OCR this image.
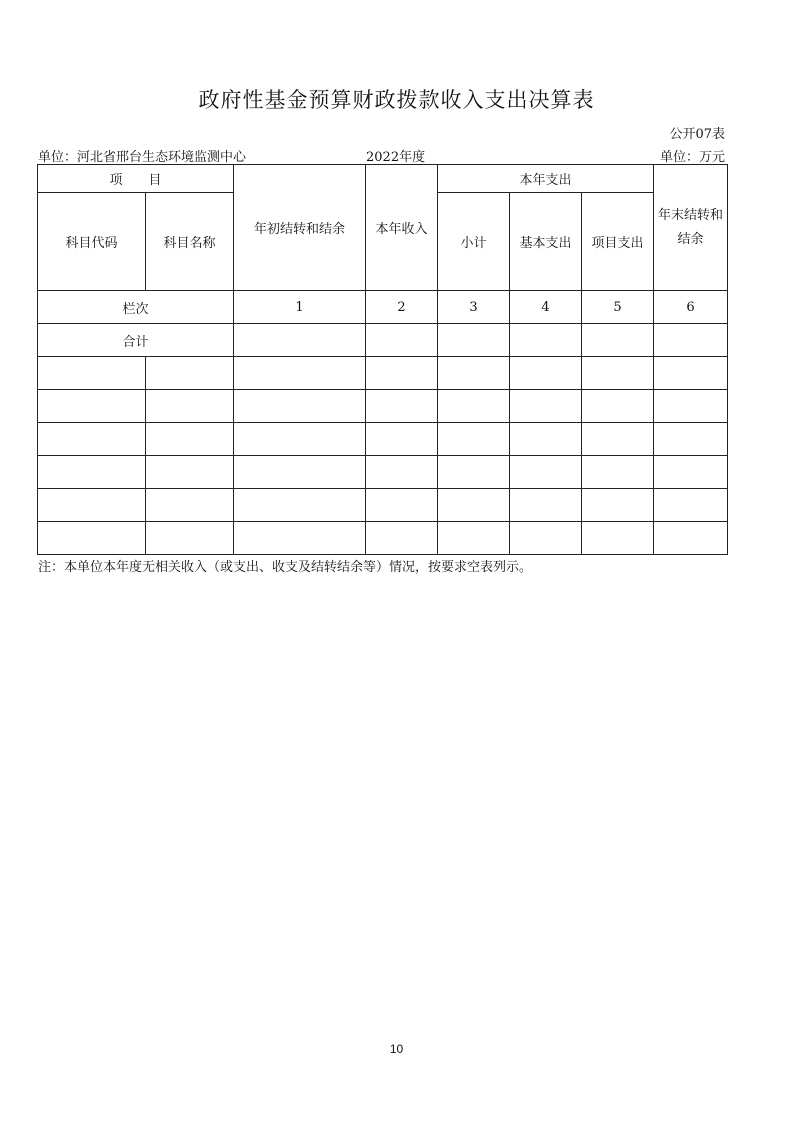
政府性基金预算财政拨款收入支出决算表
公开07表
单位：河北省邢台生态环境监测中心	2022年度	单位：万元
项　　目		年初结转和结余	本年收入	本年支出			年末结转和结余
科目代码	科目名称			小计	基本支出	项目支出	
栏次		1	2	3	4	5	6
合计							

注：本单位本年度无相关收入（或支出、收支及结转结余等）情况，按要求空表列示。
10
